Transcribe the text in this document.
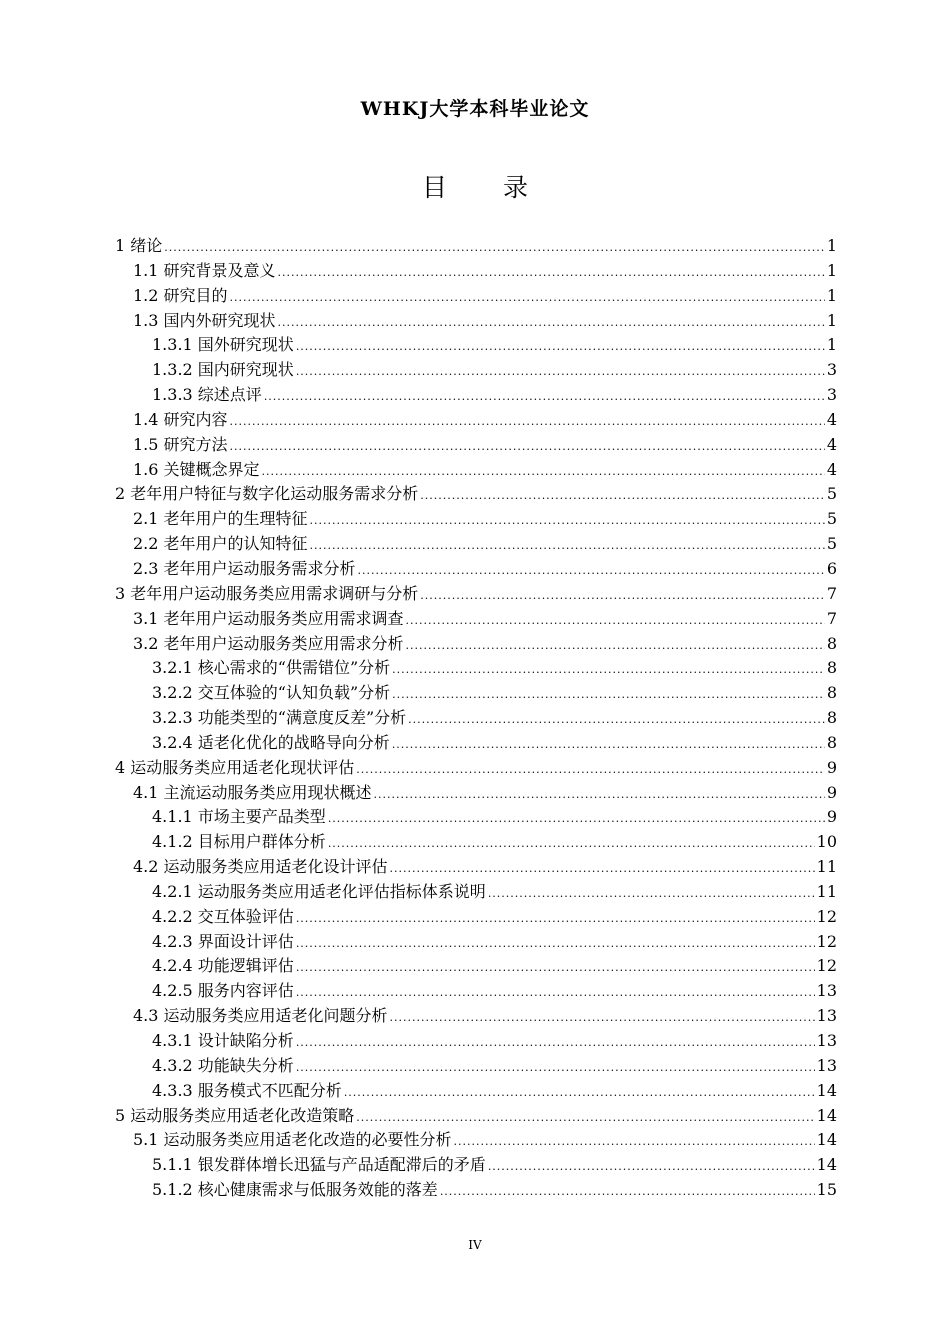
WHKJ大学本科毕业论文
目 录
1 绪论 .....	1
1.1 研究背景及意义 .....	1
1.2 研究目的 .....	1
1.3 国内外研究现状 .....	1
1.3.1 国外研究现状 .....	1
1.3.2 国内研究现状 .....	3
1.3.3 综述点评 .....	3
1.4 研究内容 .....	4
1.5 研究方法 .....	4
1.6 关键概念界定 .....	4
2 老年用户特征与数字化运动服务需求分析 .....	5
2.1 老年用户的生理特征 .....	5
2.2 老年用户的认知特征 .....	5
2.3 老年用户运动服务需求分析 .....	6
3 老年用户运动服务类应用需求调研与分析 .....	7
3.1 老年用户运动服务类应用需求调查 .....	7
3.2 老年用户运动服务类应用需求分析 .....	8
3.2.1 核心需求的“供需错位”分析 .....	8
3.2.2 交互体验的“认知负载”分析 .....	8
3.2.3 功能类型的“满意度反差”分析 .....	8
3.2.4 适老化优化的战略导向分析 .....	8
4 运动服务类应用适老化现状评估 .....	9
4.1 主流运动服务类应用现状概述 .....	9
4.1.1 市场主要产品类型 .....	9
4.1.2 目标用户群体分析 .....	10
4.2 运动服务类应用适老化设计评估 .....	11
4.2.1 运动服务类应用适老化评估指标体系说明 .....	11
4.2.2 交互体验评估 .....	12
4.2.3 界面设计评估 .....	12
4.2.4 功能逻辑评估 .....	12
4.2.5 服务内容评估 .....	13
4.3 运动服务类应用适老化问题分析 .....	13
4.3.1 设计缺陷分析 .....	13
4.3.2 功能缺失分析 .....	13
4.3.3 服务模式不匹配分析 .....	14
5 运动服务类应用适老化改造策略 .....	14
5.1 运动服务类应用适老化改造的必要性分析 .....	14
5.1.1 银发群体增长迅猛与产品适配滞后的矛盾 .....	14
5.1.2 核心健康需求与低服务效能的落差 .....	15
IV
